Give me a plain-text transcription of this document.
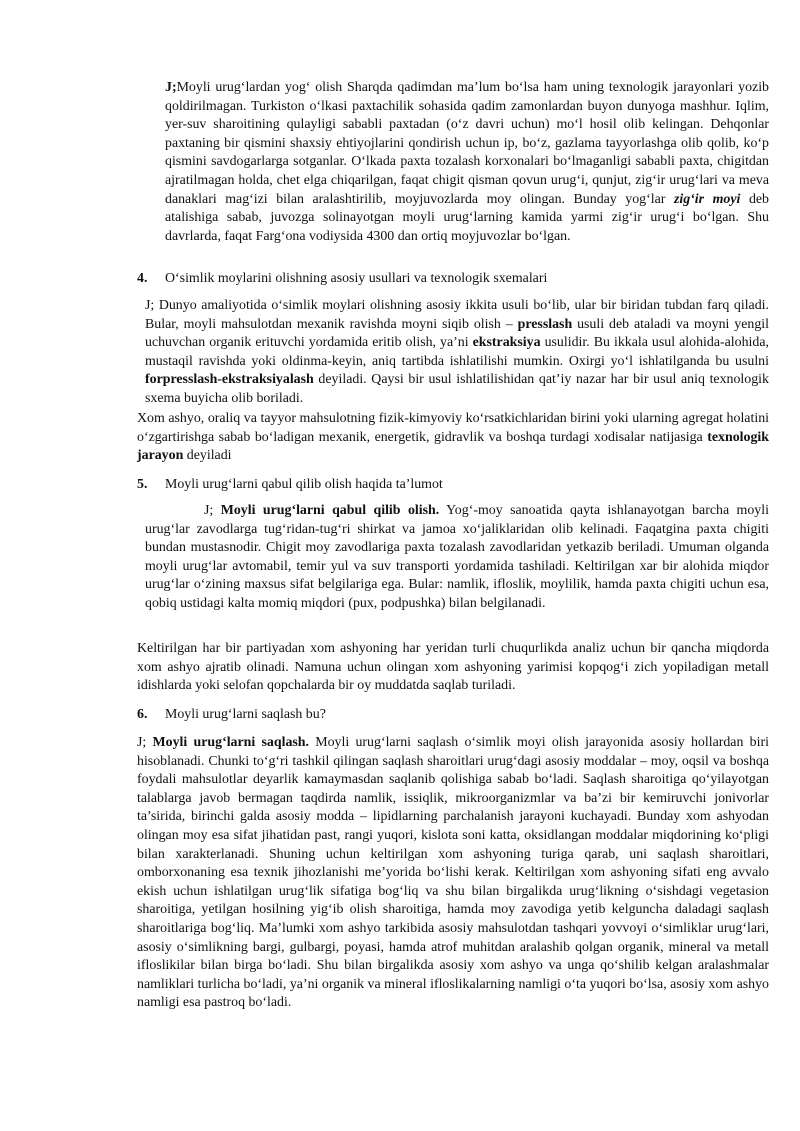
J;Moyli urug‘lardan yog‘ olish Sharqda qadimdan ma’lum bo‘lsa ham uning texnologik jarayonlari yozib qoldirilmagan. Turkiston o‘lkasi paxtachilik sohasida qadim zamonlardan buyon dunyoga mashhur. Iqlim, yer-suv sharoitining qulayligi sababli paxtadan (o‘z davri uchun) mo‘l hosil olib kelingan. Dehqonlar paxtaning bir qismini shaxsiy ehtiyojlarini qondirish uchun ip, bo‘z, gazlama tayyorlashga olib qolib, ko‘p qismini savdogarlarga sotganlar. O‘lkada paxta tozalash korxonalari bo‘lmaganligi sababli paxta, chigitdan ajratilmagan holda, chet elga chiqarilgan, faqat chigit qisman qovun urug‘i, qunjut, zig‘ir urug‘lari va meva danaklari mag‘izi bilan aralashtirilib, moyjuvozlarda moy olingan. Bunday yog‘lar zig‘ir moyi deb atalishiga sabab, juvozga solinayotgan moyli urug‘larning kamida yarmi zig‘ir urug‘i bo‘lgan. Shu davrlarda, faqat Farg‘ona vodiysida 4300 dan ortiq moyjuvozlar bo‘lgan.

4. O‘simlik moylarini olishning asosiy usullari va texnologik sxemalari

J; Dunyo amaliyotida o‘simlik moylari olishning asosiy ikkita usuli bo‘lib, ular bir biridan tubdan farq qiladi. Bular, moyli mahsulotdan mexanik ravishda moyni siqib olish – presslash usuli deb ataladi va moyni yengil uchuvchan organik erituvchi yordamida eritib olish, ya’ni ekstraksiya usulidir. Bu ikkala usul alohida-alohida, mustaqil ravishda yoki oldinma-keyin, aniq tartibda ishlatilishi mumkin. Oxirgi yo‘l ishlatilganda bu usulni forpresslash-ekstraksiyalash deyiladi. Qaysi bir usul ishlatilishidan qat’iy nazar har bir usul aniq texnologik sxema buyicha olib boriladi.

Xom ashyo, oraliq va tayyor mahsulotning fizik-kimyoviy ko‘rsatkichlaridan birini yoki ularning agregat holatini o‘zgartirishga sabab bo‘ladigan mexanik, energetik, gidravlik va boshqa turdagi xodisalar natijasiga texnologik jarayon deyiladi

5. Moyli urug‘larni qabul qilib olish haqida ta’lumot

J; Moyli urug‘larni qabul qilib olish. Yog‘-moy sanoatida qayta ishlanayotgan barcha moyli urug‘lar zavodlarga tug‘ridan-tug‘ri shirkat va jamoa xo‘jaliklaridan olib kelinadi. Faqatgina paxta chigiti bundan mustasnodir. Chigit moy zavodlariga paxta tozalash zavodlaridan yetkazib beriladi. Umuman olganda moyli urug‘lar avtomabil, temir yul va suv transporti yordamida tashiladi. Keltirilgan xar bir alohida miqdor urug‘lar o‘zining maxsus sifat belgilariga ega. Bular: namlik, ifloslik, moylilik, hamda paxta chigiti uchun esa, qobiq ustidagi kalta momiq miqdori (pux, podpushka) bilan belgilanadi.

Keltirilgan har bir partiyadan xom ashyoning har yeridan turli chuqurlikda analiz uchun bir qancha miqdorda xom ashyo ajratib olinadi. Namuna uchun olingan xom ashyoning yarimisi kopqog‘i zich yopiladigan metall idishlarda yoki selofan qopchalarda bir oy muddatda saqlab turiladi.

6. Moyli urug‘larni saqlash bu?

J; Moyli urug‘larni saqlash. Moyli urug‘larni saqlash o‘simlik moyi olish jarayonida asosiy hollardan biri hisoblanadi. Chunki to‘g‘ri tashkil qilingan saqlash sharoitlari urug‘dagi asosiy moddalar – moy, oqsil va boshqa foydali mahsulotlar deyarlik kamaymasdan saqlanib qolishiga sabab bo‘ladi. Saqlash sharoitiga qo‘yilayotgan talablarga javob bermagan taqdirda namlik, issiqlik, mikroorganizmlar va ba’zi bir kemiruvchi jonivorlar ta’sirida, birinchi galda asosiy modda – lipidlarning parchalanish jarayoni kuchayadi. Bunday xom ashyodan olingan moy esa sifat jihatidan past, rangi yuqori, kislota soni katta, oksidlangan moddalar miqdorining ko‘pligi bilan xarakterlanadi. Shuning uchun keltirilgan xom ashyoning turiga qarab, uni saqlash sharoitlari, omborxonaning esa texnik jihozlanishi me’yorida bo‘lishi kerak. Keltirilgan xom ashyoning sifati eng avvalo ekish uchun ishlatilgan urug‘lik sifatiga bog‘liq va shu bilan birgalikda urug‘likning o‘sishdagi vegetasion sharoitiga, yetilgan hosilning yig‘ib olish sharoitiga, hamda moy zavodiga yetib kelguncha daladagi saqlash sharoitlariga bog‘liq. Ma’lumki xom ashyo tarkibida asosiy mahsulotdan tashqari yovvoyi o‘simliklar urug‘lari, asosiy o‘simlikning bargi, gulbargi, poyasi, hamda atrof muhitdan aralashib qolgan organik, mineral va metall ifloslikilar bilan birga bo‘ladi. Shu bilan birgalikda asosiy xom ashyo va unga qo‘shilib kelgan aralashmalar namliklari turlicha bo‘ladi, ya’ni organik va mineral ifloslikalarning namligi o‘ta yuqori bo‘lsa, asosiy xom ashyo namligi esa pastroq bo‘ladi.
